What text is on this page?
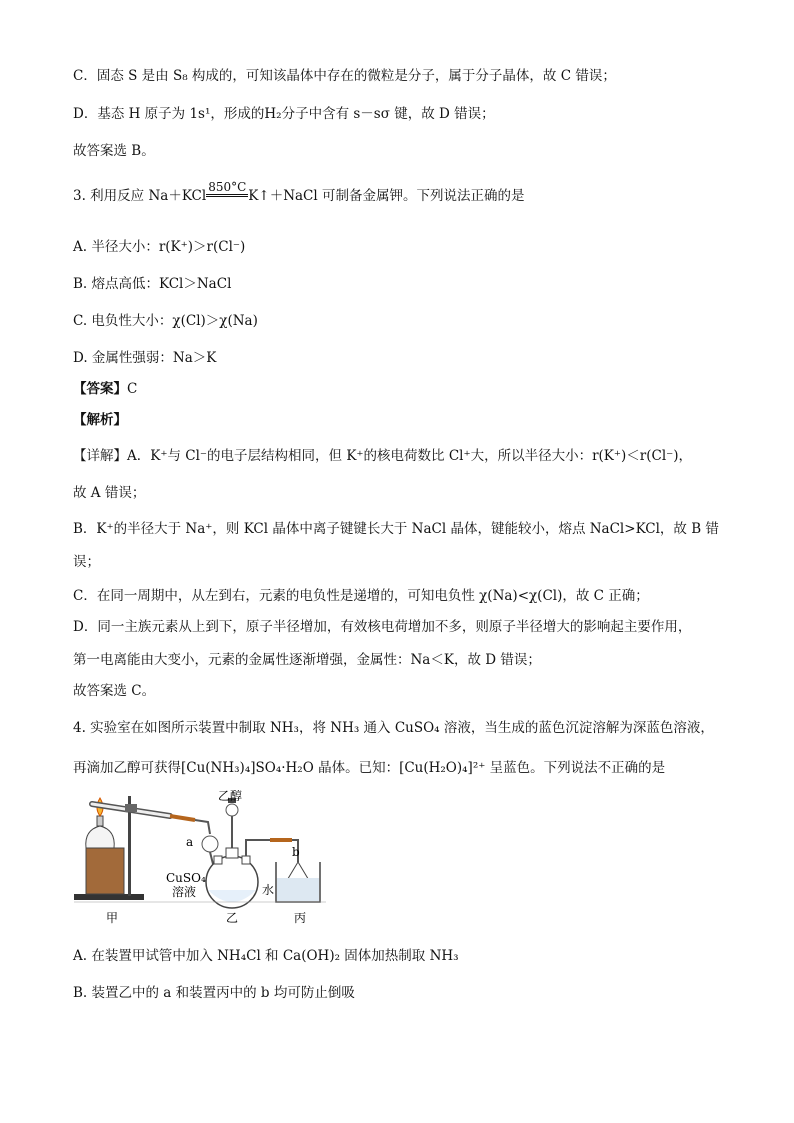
C．固态 S 是由 S₈ 构成的，可知该晶体中存在的微粒是分子，属于分子晶体，故 C 错误；
D．基态 H 原子为 1s¹，形成的H₂分子中含有 s－sσ 键，故 D 错误；
故答案选 B。
3. 利用反应 Na＋KCl
850°C
K↑＋NaCl 可制备金属钾。下列说法正确的是
A. 半径大小：r(K⁺)＞r(Cl⁻)
B. 熔点高低：KCl＞NaCl
C. 电负性大小：χ(Cl)＞χ(Na)
D. 金属性强弱：Na＞K
【答案】C
【解析】
【详解】A．K⁺与 Cl⁻的电子层结构相同，但 K⁺的核电荷数比 Cl⁺大，所以半径大小：r(K⁺)＜r(Cl⁻)，
故 A 错误；
B．K⁺的半径大于 Na⁺，则 KCl 晶体中离子键键长大于 NaCl 晶体，键能较小，熔点 NaCl>KCl，故 B 错
误；
C．在同一周期中，从左到右，元素的电负性是递增的，可知电负性 χ(Na)<χ(Cl)，故 C 正确；
D．同一主族元素从上到下，原子半径增加，有效核电荷增加不多，则原子半径增大的影响起主要作用，
第一电离能由大变小，元素的金属性逐渐增强，金属性：Na＜K，故 D 错误；
故答案选 C。
4. 实验室在如图所示装置中制取 NH₃，将 NH₃ 通入 CuSO₄ 溶液，当生成的蓝色沉淀溶解为深蓝色溶液，
再滴加乙醇可获得[Cu(NH₃)₄]SO₄·H₂O 晶体。已知：[Cu(H₂O)₄]²⁺ 呈蓝色。下列说法不正确的是
乙醇
a
b
CuSO₄
溶液	水
甲	乙	丙
A. 在装置甲试管中加入 NH₄Cl 和 Ca(OH)₂ 固体加热制取 NH₃
B. 装置乙中的 a 和装置丙中的 b 均可防止倒吸
